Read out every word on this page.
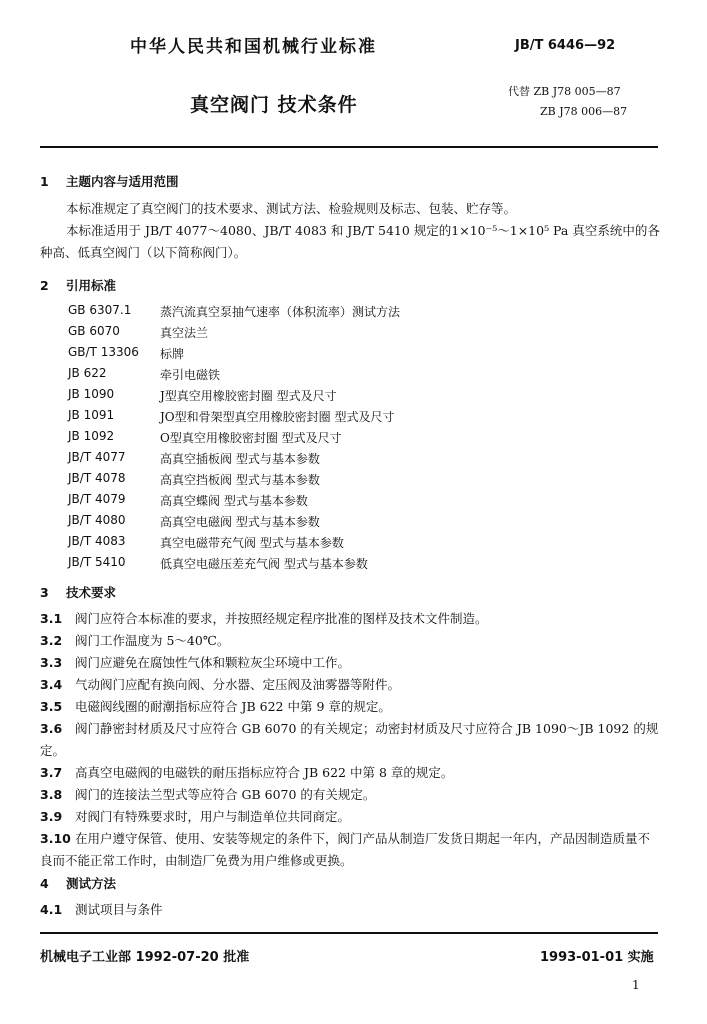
中华人民共和国机械行业标准	JB/T 6446—92
真空阀门 技术条件
代替 ZB J78 005—87
ZB J78 006—87
1 主题内容与适用范围
本标准规定了真空阀门的技术要求、测试方法、检验规则及标志、包装、贮存等。
本标准适用于 JB/T 4077～4080、JB/T 4083 和 JB/T 5410 规定的1×10⁻⁵～1×10⁵ Pa 真空系统中的各种高、低真空阀门（以下简称阀门）。
2 引用标准
GB 6307.1 蒸汽流真空泵抽气速率（体积流率）测试方法
GB 6070	真空法兰
GB/T 13306 标牌
JB 622	牵引电磁铁
JB 1090	J型真空用橡胶密封圈 型式及尺寸
JB 1091	JO型和骨架型真空用橡胶密封圈 型式及尺寸
JB 1092	O型真空用橡胶密封圈 型式及尺寸
JB/T 4077	高真空插板阀 型式与基本参数
JB/T 4078	高真空挡板阀 型式与基本参数
JB/T 4079	高真空蝶阀 型式与基本参数
JB/T 4080	高真空电磁阀 型式与基本参数
JB/T 4083	真空电磁带充气阀 型式与基本参数
JB/T 5410	低真空电磁压差充气阀 型式与基本参数
3 技术要求
3.1 阀门应符合本标准的要求，并按照经规定程序批准的图样及技术文件制造。
3.2 阀门工作温度为 5～40℃。
3.3 阀门应避免在腐蚀性气体和颗粒灰尘环境中工作。
3.4 气动阀门应配有换向阀、分水器、定压阀及油雾器等附件。
3.5 电磁阀线圈的耐潮指标应符合 JB 622 中第 9 章的规定。
3.6 阀门静密封材质及尺寸应符合 GB 6070 的有关规定；动密封材质及尺寸应符合 JB 1090～JB 1092 的规定。
3.7 高真空电磁阀的电磁铁的耐压指标应符合 JB 622 中第 8 章的规定。
3.8 阀门的连接法兰型式等应符合 GB 6070 的有关规定。
3.9 对阀门有特殊要求时，用户与制造单位共同商定。
3.10 在用户遵守保管、使用、安装等规定的条件下，阀门产品从制造厂发货日期起一年内，产品因制造质量不良而不能正常工作时，由制造厂免费为用户维修或更换。
4 测试方法
4.1 测试项目与条件
机械电子工业部 1992-07-20 批准	1993-01-01 实施
1
